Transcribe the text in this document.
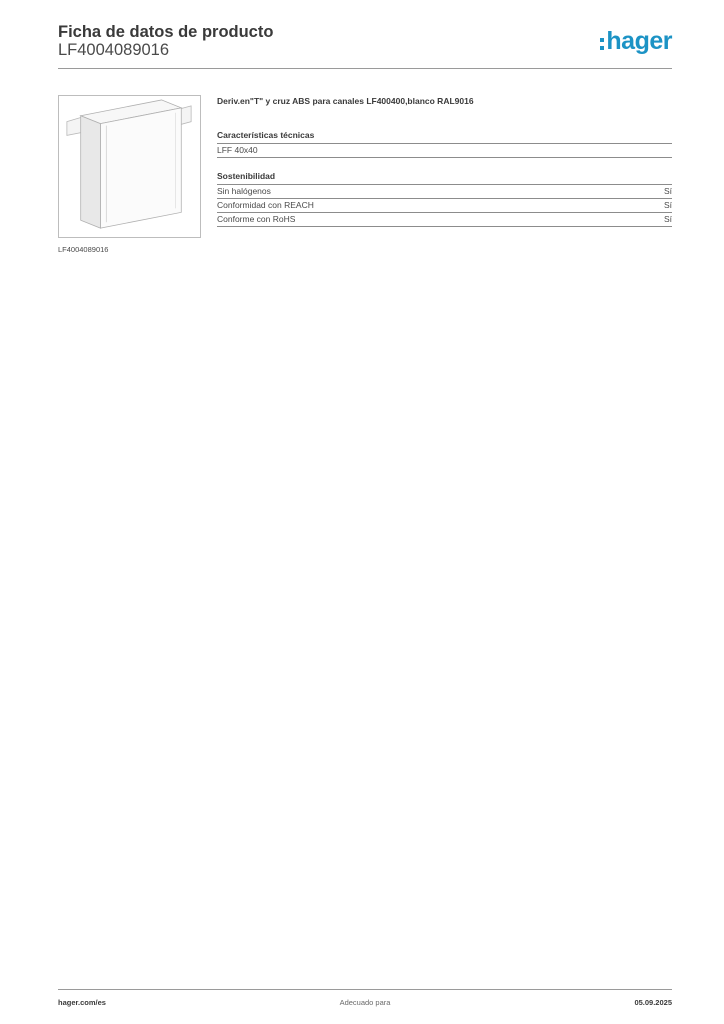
Ficha de datos de producto
LF4004089016	hager
LF4004089016
Deriv.en"T" y cruz ABS para canales LF400400,blanco RAL9016
Características técnicas
LFF 40x40
Sostenibilidad
Sin halógenos	Sí
Conformidad con REACH	Sí
Conforme con RoHS	Sí
hager.com/es	Adecuado para	05.09.2025
